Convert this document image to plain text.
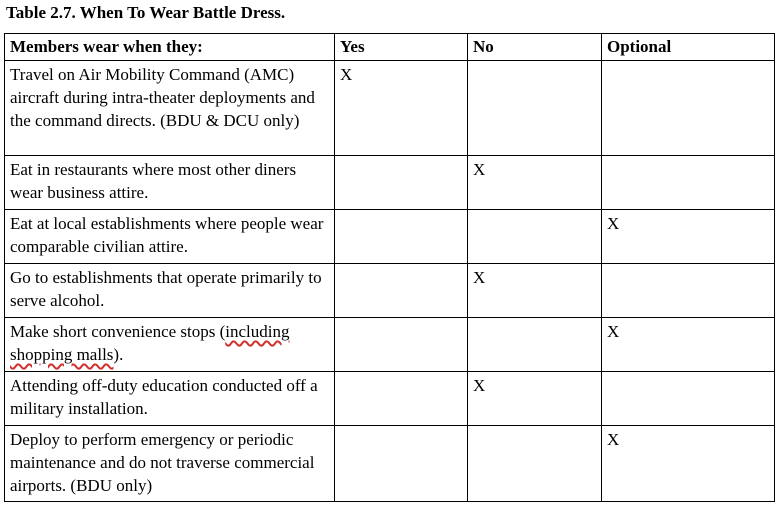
Table 2.7. When To Wear Battle Dress.
Members wear when they:	Yes	No	Optional
Travel on Air Mobility Command (AMC) aircraft during intra-theater deployments and the command directs. (BDU & DCU only)	X		
Eat in restaurants where most other diners wear business attire.		X	
Eat at local establishments where people wear comparable civilian attire.			X
Go to establishments that operate primarily to serve alcohol.		X	
Make short convenience stops (including shopping malls).			X
Attending off-duty education conducted off a military installation.		X	
Deploy to perform emergency or periodic maintenance and do not traverse commercial airports. (BDU only)			X
